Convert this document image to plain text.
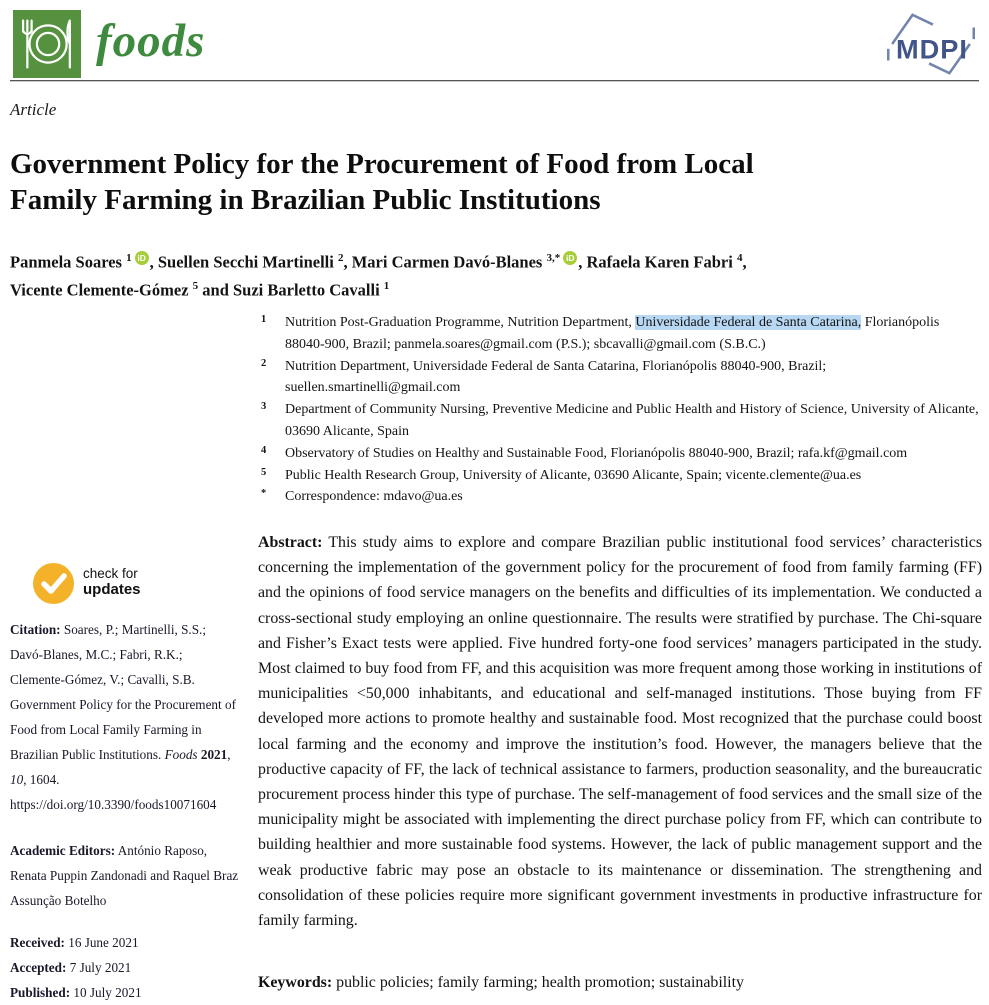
foods	MDPI
Article
Government Policy for the Procurement of Food from Local
Family Farming in Brazilian Public Institutions

Panmela Soares $^1$ iD , Suellen Secchi Martinelli $^2$, Mari Carmen Davó-Blanes $^{3,*}$ iD , Rafaela Karen Fabri $^4$,
Vicente Clemente-Gómez $^5$ and Suzi Barletto Cavalli $^1$

1 Nutrition Post-Graduation Programme, Nutrition Department, Universidade Federal de Santa Catarina, Florianópolis 88040-900, Brazil; panmela.soares@gmail.com (P.S.); sbcavalli@gmail.com (S.B.C.)
2 Nutrition Department, Universidade Federal de Santa Catarina, Florianópolis 88040-900, Brazil; suellen.smartinelli@gmail.com
3 Department of Community Nursing, Preventive Medicine and Public Health and History of Science, University of Alicante, 03690 Alicante, Spain
4 Observatory of Studies on Healthy and Sustainable Food, Florianópolis 88040-900, Brazil; rafa.kf@gmail.com
5 Public Health Research Group, University of Alicante, 03690 Alicante, Spain; vicente.clemente@ua.es
* Correspondence: mdavo@ua.es

Abstract: This study aims to explore and compare Brazilian public institutional food services’ characteristics concerning the implementation of the government policy for the procurement of food from family farming (FF) and the opinions of food service managers on the benefits and difficulties of its implementation. We conducted a cross-sectional study employing an online questionnaire. The results were stratified by purchase. The Chi-square and Fisher’s Exact tests were applied. Five hundred forty-one food services’ managers participated in the study. Most claimed to buy food from FF, and this acquisition was more frequent among those working in institutions of municipalities <50,000 inhabitants, and educational and self-managed institutions. Those buying from FF developed more actions to promote healthy and sustainable food. Most recognized that the purchase could boost local farming and the economy and improve the institution’s food. However, the managers believe that the productive capacity of FF, the lack of technical assistance to farmers, production seasonality, and the bureaucratic procurement process hinder this type of purchase. The self-management of food services and the small size of the municipality might be associated with implementing the direct purchase policy from FF, which can contribute to building healthier and more sustainable food systems. However, the lack of public management support and the weak productive fabric may pose an obstacle to its maintenance or dissemination. The strengthening and consolidation of these policies require more significant government investments in productive infrastructure for family farming.

Keywords: public policies; family farming; health promotion; sustainability

check for
updates
Citation: Soares, P.; Martinelli, S.S.; Davó-Blanes, M.C.; Fabri, R.K.; Clemente-Gómez, V.; Cavalli, S.B. Government Policy for the Procurement of Food from Local Family Farming in Brazilian Public Institutions. Foods 2021, 10, 1604. https://doi.org/10.3390/foods10071604
Academic Editors: António Raposo, Renata Puppin Zandonadi and Raquel Braz Assunção Botelho
Received: 16 June 2021
Accepted: 7 July 2021
Published: 10 July 2021
